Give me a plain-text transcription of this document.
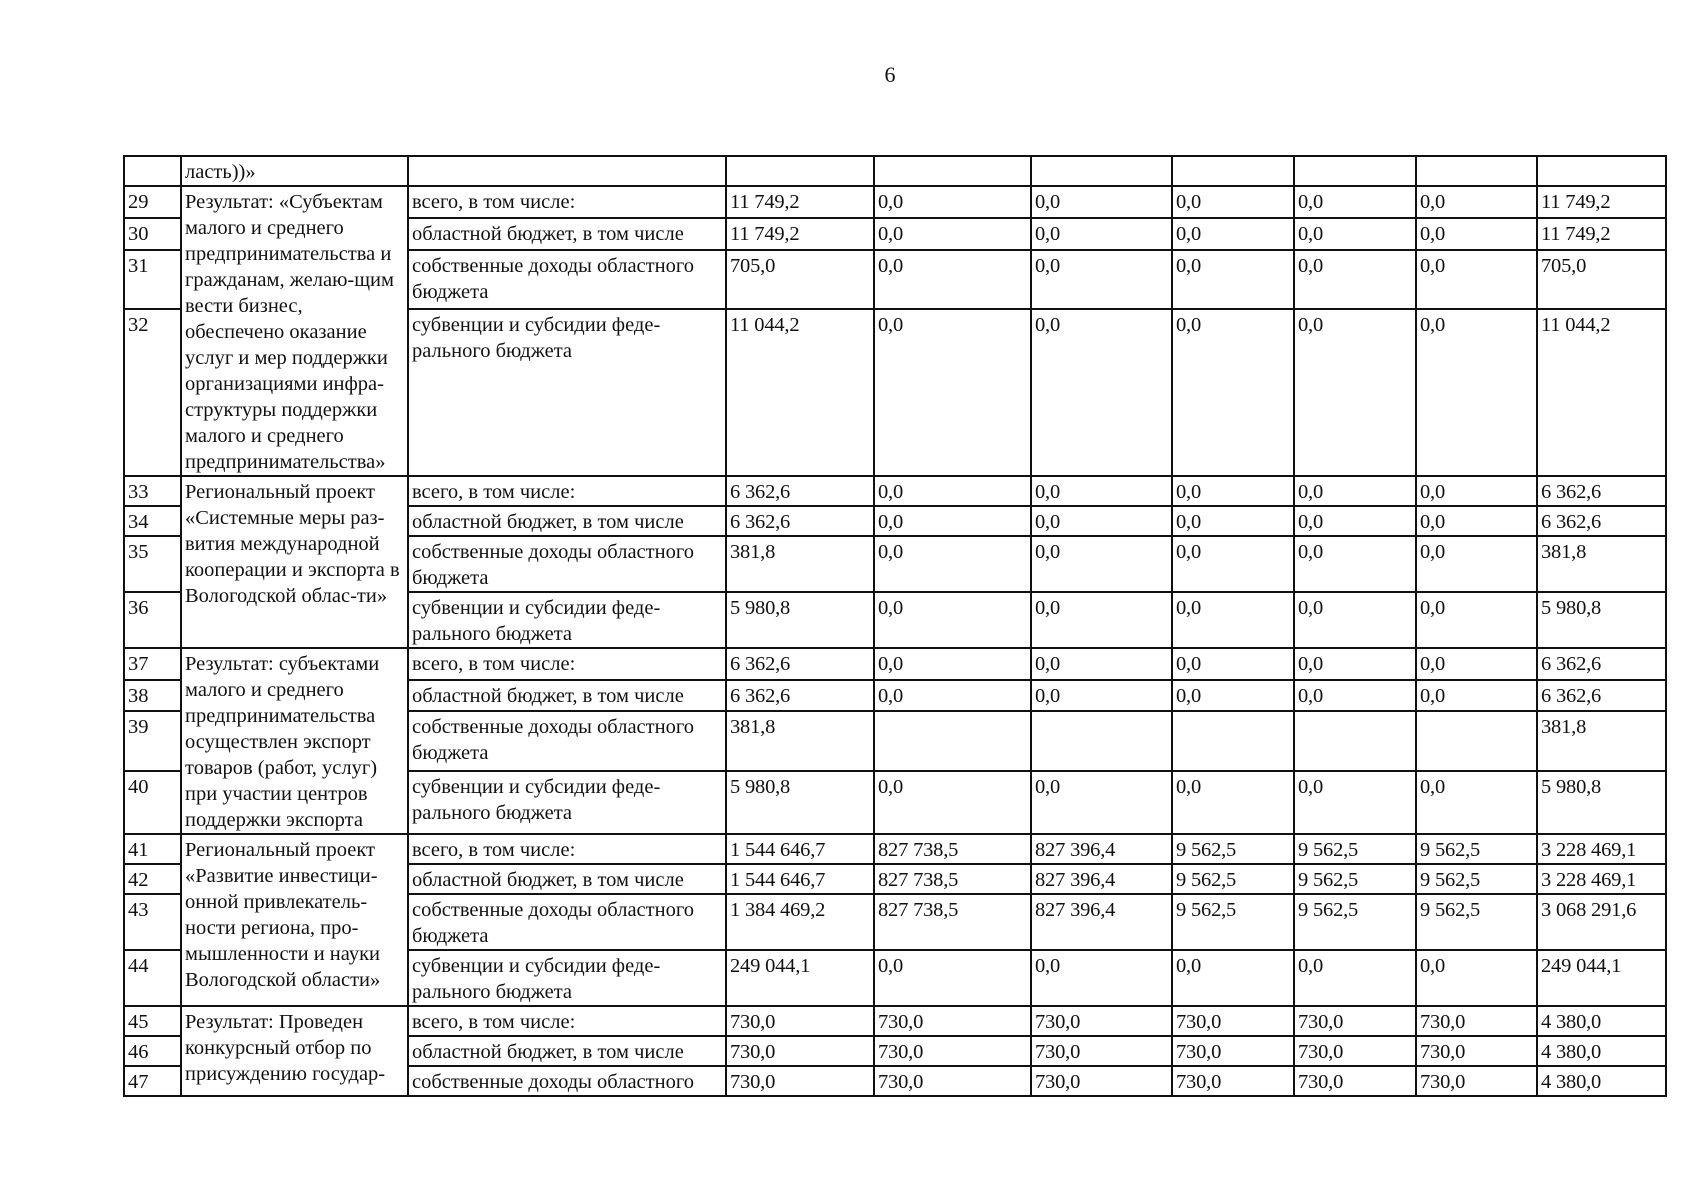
6
	ласть))»								
29	Результат: «Субъектам малого и среднего предпринимательства и гражданам, желаю-щим вести бизнес, обеспечено оказание услуг и мер поддержки организациями инфра-структуры поддержки малого и среднего предпринимательства»	всего, в том числе:	11 749,2	0,0	0,0	0,0	0,0	0,0	11 749,2
30		областной бюджет, в том числе	11 749,2	0,0	0,0	0,0	0,0	0,0	11 749,2
31		собственные доходы областного бюджета	705,0	0,0	0,0	0,0	0,0	0,0	705,0
32		субвенции и субсидии феде-рального бюджета	11 044,2	0,0	0,0	0,0	0,0	0,0	11 044,2
33	Региональный проект «Системные меры раз-вития международной кооперации и экспорта в Вологодской облас-ти»	всего, в том числе:	6 362,6	0,0	0,0	0,0	0,0	0,0	6 362,6
34		областной бюджет, в том числе	6 362,6	0,0	0,0	0,0	0,0	0,0	6 362,6
35		собственные доходы областного бюджета	381,8	0,0	0,0	0,0	0,0	0,0	381,8
36		субвенции и субсидии феде-рального бюджета	5 980,8	0,0	0,0	0,0	0,0	0,0	5 980,8
37	Результат: субъектами малого и среднего предпринимательства осуществлен экспорт товаров (работ, услуг) при участии центров поддержки экспорта	всего, в том числе:	6 362,6	0,0	0,0	0,0	0,0	0,0	6 362,6
38		областной бюджет, в том числе	6 362,6	0,0	0,0	0,0	0,0	0,0	6 362,6
39		собственные доходы областного бюджета	381,8						381,8
40		субвенции и субсидии феде-рального бюджета	5 980,8	0,0	0,0	0,0	0,0	0,0	5 980,8
41	Региональный проект «Развитие инвестици-онной привлекатель-ности региона, про-мышленности и науки Вологодской области»	всего, в том числе:	1 544 646,7	827 738,5	827 396,4	9 562,5	9 562,5	9 562,5	3 228 469,1
42		областной бюджет, в том числе	1 544 646,7	827 738,5	827 396,4	9 562,5	9 562,5	9 562,5	3 228 469,1
43		собственные доходы областного бюджета	1 384 469,2	827 738,5	827 396,4	9 562,5	9 562,5	9 562,5	3 068 291,6
44		субвенции и субсидии феде-рального бюджета	249 044,1	0,0	0,0	0,0	0,0	0,0	249 044,1
45	Результат: Проведен конкурсный отбор по присуждению государ-	всего, в том числе:	730,0	730,0	730,0	730,0	730,0	730,0	4 380,0
46		областной бюджет, в том числе	730,0	730,0	730,0	730,0	730,0	730,0	4 380,0
47		собственные доходы областного	730,0	730,0	730,0	730,0	730,0	730,0	4 380,0
